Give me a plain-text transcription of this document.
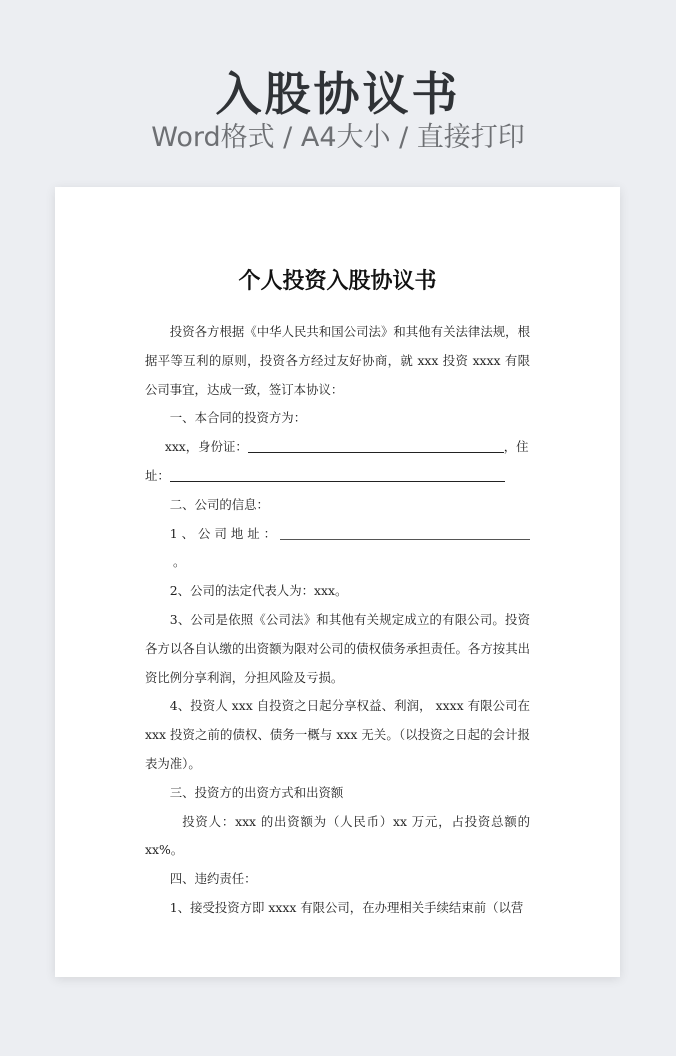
入股协议书
Word格式 / A4大小 / 直接打印
个人投资入股协议书

投资各方根据《中华人民共和国公司法》和其他有关法律法规，根据平等互利的原则，投资各方经过友好协商，就 xxx 投资 xxxx 有限公司事宜，达成一致，签订本协议：

一、本合同的投资方为：

xxx，身份证：	，住

址：

二、公司的信息：

1、公司地址：。

2、公司的法定代表人为：xxx。

3、公司是依照《公司法》和其他有关规定成立的有限公司。投资各方以各自认缴的出资额为限对公司的债权债务承担责任。各方按其出资比例分享利润，分担风险及亏损。

4、投资人 xxx 自投资之日起分享权益、利润， xxxx 有限公司在 xxx 投资之前的债权、债务一概与 xxx 无关。（以投资之日起的会计报表为准）。

三、投资方的出资方式和出资额

投资人：xxx 的出资额为（人民币）xx 万元，占投资总额的 xx%。

四、违约责任：

1、接受投资方即 xxxx 有限公司，在办理相关手续结束前（以营
